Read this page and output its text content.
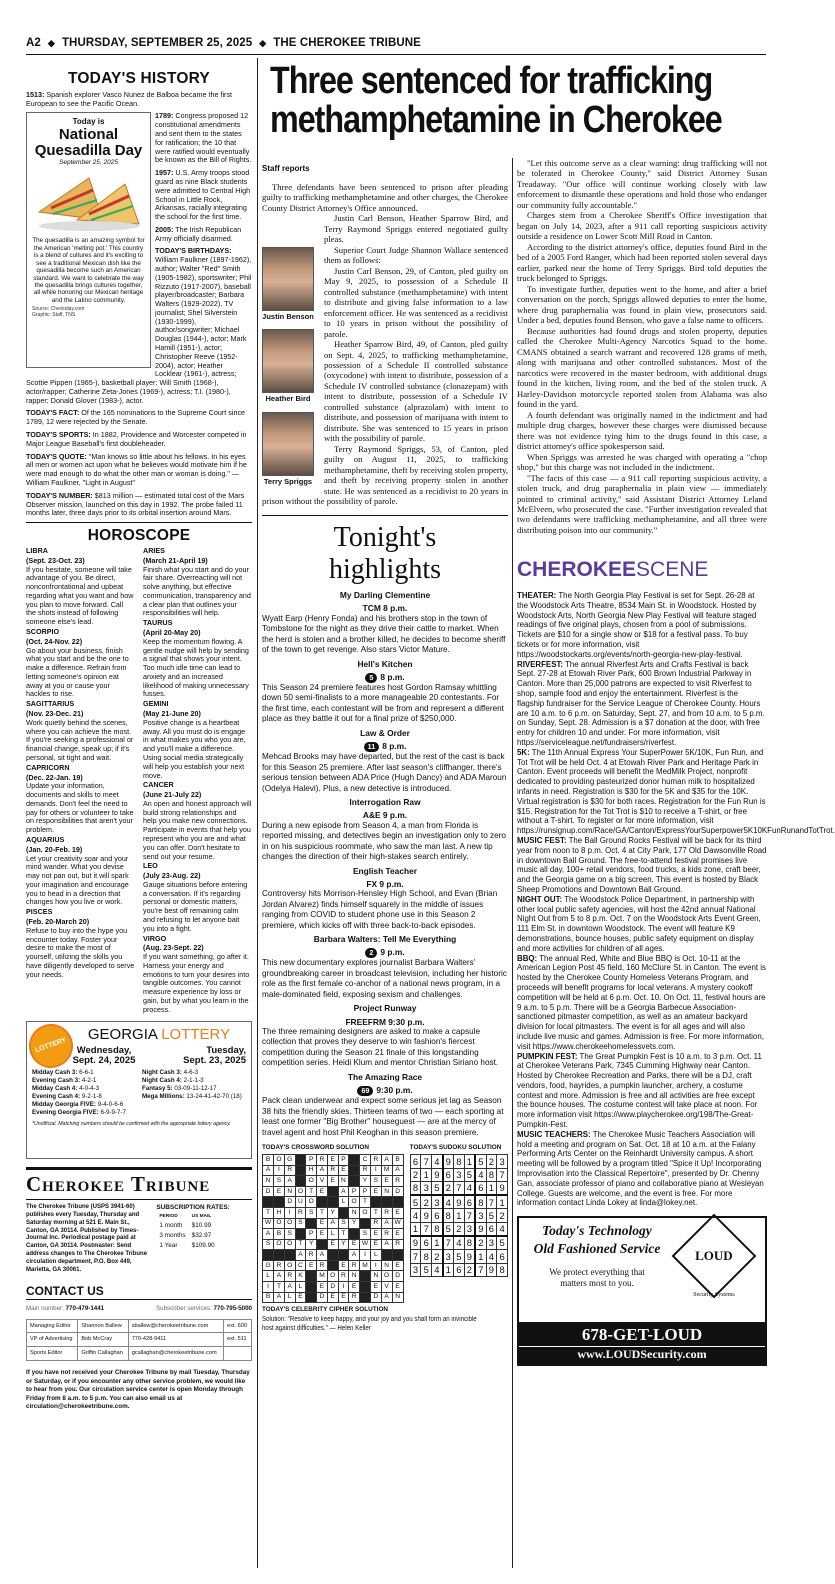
A2 ◆ THURSDAY, SEPTEMBER 25, 2025 ◆ THE CHEROKEE TRIBUNE
TODAY'S HISTORY

1513: Spanish explorer Vasco Nunez de Balboa became the first European to see the Pacific Ocean.

Today is
National Quesadilla Day
September 25, 2025
The quesadilla is an amazing symbol for the American 'melting pot.' This country is a blend of cultures and it's exciting to see a traditional Mexican dish like the quesadilla become such an American standard. We want to celebrate the way the quesadilla brings cultures together, all while honoring our Mexican heritage and the Latino community.
Source: Checkiday.com
Graphic: Staff, TNS

1789: Congress proposed 12 constitutional amendments and sent them to the states for ratification; the 10 that were ratified would eventually be known as the Bill of Rights.

1957: U.S. Army troops stood guard as nine Black students were admitted to Central High School in Little Rock, Arkansas, racially integrating the school for the first time.

2005: The Irish Republican Army officially disarmed.

TODAY'S BIRTHDAYS: William Faulkner (1897-1962), author; Walter "Red" Smith (1905-1982), sportswriter; Phil Rizzuto (1917-2007), baseball player/broadcaster; Barbara Walters (1929-2022), TV journalist; Shel Silverstein (1930-1999), author/songwriter; Michael Douglas (1944-), actor; Mark Hamill (1951-), actor; Christopher Reeve (1952-2004), actor; Heather Locklear (1961-), actress; Scottie Pippen (1965-), basketball player; Will Smith (1968-), actor/rapper; Catherine Zeta-Jones (1969-), actress; T.I. (1980-), rapper; Donald Glover (1983-), actor.

TODAY'S FACT: Of the 165 nominations to the Supreme Court since 1789, 12 were rejected by the Senate.

TODAY'S SPORTS: In 1882, Providence and Worcester competed in Major League Baseball's first doubleheader.

TODAY'S QUOTE: "Man knows so little about his fellows. In his eyes all men or women act upon what he believes would motivate him if he were mad enough to do what the other man or woman is doing." — William Faulkner, "Light in August"

TODAY'S NUMBER: $813 million — estimated total cost of the Mars Observer mission, launched on this day in 1992. The probe failed 11 months later, three days prior to its orbital insertion around Mars.

HOROSCOPE
LIBRA
(Sept. 23-Oct. 23)
If you hesitate, someone will take advantage of you. Be direct, nonconfrontational and upbeat regarding what you want and how you plan to move forward. Call the shots instead of following someone else's lead.
SCORPIO
(Oct. 24-Nov. 22)
Go about your business, finish what you start and be the one to make a difference. Refrain from letting someone's opinion eat away at you or cause your hackles to rise.
SAGITTARIUS
(Nov. 23-Dec. 21)
Work quietly behind the scenes, where you can achieve the most. If you're seeking a professional or financial change, speak up; if it's personal, sit tight and wait.
CAPRICORN
(Dec. 22-Jan. 19)
Update your information, documents and skills to meet demands. Don't feel the need to pay for others or volunteer to take on responsibilities that aren't your problem.
AQUARIUS
(Jan. 20-Feb. 19)
Let your creativity soar and your mind wander. What you devise may not pan out, but it will spark your imagination and encourage you to head in a direction that changes how you live or work.
PISCES
(Feb. 20-March 20)
Refuse to buy into the hype you encounter today. Foster your desire to make the most of yourself, utilizing the skills you have diligently developed to serve your needs.
ARIES
(March 21-April 19)
Finish what you start and do your fair share. Overreacting will not solve anything, but effective communication, transparency and a clear plan that outlines your responsibilities will help.
TAURUS
(April 20-May 20)
Keep the momentum flowing. A gentle nudge will help by sending a signal that shows your intent. Too much idle time can lead to anxiety and an increased likelihood of making unnecessary fusses.
GEMINI
(May 21-June 20)
Positive change is a heartbeat away. All you must do is engage in what makes you who you are, and you'll make a difference. Using social media strategically will help you establish your next move.
CANCER
(June 21-July 22)
An open and honest approach will build strong relationships and help you make new connections. Participate in events that help you represent who you are and what you can offer. Don't hesitate to send out your resume.
LEO
(July 23-Aug. 22)
Gauge situations before entering a conversation. If it's regarding personal or domestic matters, you're best off remaining calm and refusing to let anyone bait you into a fight.
VIRGO
(Aug. 23-Sept. 22)
If you want something, go after it. Harness your energy and emotions to turn your desires into tangible outcomes. You cannot measure experience by loss or gain, but by what you learn in the process.
LOTTERY
GEORGIA LOTTERY
Wednesday,
Sept. 24, 2025
Midday Cash 3: 6-6-1
Evening Cash 3: 4-2-1
Midday Cash 4: 4-0-4-3
Evening Cash 4: 9-2-1-8
Midday Georgia FIVE: 9-4-0-6-6
Evening Georgia FIVE: 6-9-9-7-7
Tuesday,
Sept. 23, 2025
Night Cash 3: 4-6-3
Night Cash 4: 2-1-1-3
Fantasy 5: 03-09-11-12-17
Mega Millions: 13-24-41-42-70 (18)
*Unofficial. Matching numbers should be confirmed with the appropriate lottery agency.
Cherokee Tribune
The Cherokee Tribune (USPS 3941-60) publishes every Tuesday, Thursday and Saturday morning at 521 E. Main St., Canton, GA 30114. Published by Times-Journal Inc. Periodical postage paid at Canton, GA 30114. Postmaster: Send address changes to The Cherokee Tribune circulation department, P.O. Box 449, Marietta, GA 30061.
SUBSCRIPTION RATES:
PERIOD	US MAIL
1 month	$10.99
3 months	$32.97
1 Year	$109.90
CONTACT US
Main number: 770-479-1441	Subscriber services: 770-795-5000
Managing Editor	Shannon Ballew	sballew@cherokeetribune.com	ext. 600
VP of Advertising	Bob McCray	770-428-9411	ext. 511
Sports Editor	Griffin Callaghan	gcallaghan@cherokeetribune.com	
If you have not received your Cherokee Tribune by mail Tuesday, Thursday or Saturday, or if you encounter any other service problem, we would like to hear from you. Our circulation service center is open Monday through Friday from 8 a.m. to 5 p.m. You can also email us at circulation@cherokeetribune.com.
Three sentenced for trafficking methamphetamine in Cherokee
Staff reports

Three defendants have been sentenced to prison after pleading guilty to trafficking methamphetamine and other charges, the Cherokee County District Attorney's Office announced.

Justin Benson
Heather Bird
Terry Spriggs

Justin Carl Benson, Heather Sparrow Bird, and Terry Raymond Spriggs entered negotiated guilty pleas.

Superior Court Judge Shannon Wallace sentenced them as follows:

Justin Carl Benson, 29, of Canton, pled guilty on May 9, 2025, to possession of a Schedule II controlled substance (methamphetamine) with intent to distribute and giving false information to a law enforcement officer. He was sentenced as a recidivist to 10 years in prison without the possibility of parole.

Heather Sparrow Bird, 49, of Canton, pled guilty on Sept. 4, 2025, to trafficking methamphetamine, possession of a Schedule II controlled substance (oxycodone) with intent to distribute, possession of a Schedule IV controlled substance (clonazepam) with intent to distribute, possession of a Schedule IV controlled substance (alprazolam) with intent to distribute, and possession of marijuana with intent to distribute. She was sentenced to 15 years in prison with the possibility of parole.

Terry Raymond Spriggs, 53, of Canton, pled guilty on August 11, 2025, to trafficking methamphetamine, theft by receiving stolen property, and theft by receiving property stolen in another state. He was sentenced as a recidivist to 20 years in prison without the possibility of parole.

Tonight's highlights
My Darling Clementine
TCM 8 p.m.

Wyatt Earp (Henry Fonda) and his brothers stop in the town of Tombstone for the night as they drive their cattle to market. When the herd is stolen and a brother killed, he decides to become sheriff of the town to get revenge. Also stars Victor Mature.

Hell's Kitchen
5 8 p.m.

This Season 24 premiere features host Gordon Ramsay whittling down 50 semi-finalists to a more manageable 20 contestants. For the first time, each contestant will be from and represent a different place as they battle it out for a final prize of $250,000.

Law & Order
11 8 p.m.

Mehcad Brooks may have departed, but the rest of the cast is back for this Season 25 premiere. After last season's cliffhanger, there's serious tension between ADA Price (Hugh Dancy) and ADA Maroun (Odelya Halevi). Plus, a new detective is introduced.

Interrogation Raw
A&E 9 p.m.

During a new episode from Season 4, a man from Florida is reported missing, and detectives begin an investigation only to zero in on his suspicious roommate, who saw the man last. A new tip changes the direction of their high-stakes search entirely.

English Teacher
FX 9 p.m.

Controversy hits Morrison-Hensley High School, and Evan (Brian Jordan Alvarez) finds himself squarely in the middle of issues ranging from COVID to student phone use in this Season 2 premiere, which kicks off with three back-to-back episodes.

Barbara Walters: Tell Me Everything
2 9 p.m.

This new documentary explores journalist Barbara Walters' groundbreaking career in broadcast television, including her historic role as the first female co-anchor of a national news program, in a male-dominated field, exposing sexism and challenges.

Project Runway
FREEFRM 9:30 p.m.

The three remaining designers are asked to make a capsule collection that proves they deserve to win fashion's fiercest competition during the Season 21 finale of this longstanding competition series. Heidi Klum and mentor Christian Siriano host.

The Amazing Race
69 9:30 p.m.

Pack clean underwear and expect some serious jet lag as Season 38 hits the friendly skies. Thirteen teams of two — each sporting at least one former "Big Brother" houseguest — are at the mercy of travel agent and host Phil Keoghan in this season premiere.

TODAY'S CROSSWORD SOLUTION
B	O	G		P	R	E	P		C	R	A	B
A	I	R		H	A	R	E		R	I	M	A
N	S	A		O	V	E	N		Y	S	E	R
D	E	N	O	T	E		A	P	P	E	N	D
		D	U	O			L	O	T			
T	H	I	R	S	T	Y		N	O	T	R	E
W	O	O	S		E	A	S	Y		R	A	W
A	B	S		P	E	L	T		S	E	R	E
S	O	O	T	Y		E	Y	E	W	E	A	R
			A	R	A			A	I	L		
G	R	O	C	E	R		E	R	M	I	N	E
L	A	R	K		M	O	R	N		N	O	D
I	T	A	L		E	D	I	E		E	V	E
B	A	L	E		D	E	E	R		D	A	N
TODAY'S SUDOKU SOLUTION
6	7	4	9	8	1	5	2	3
2	1	9	6	3	5	4	8	7
8	3	5	2	7	4	6	1	9
5	2	3	4	9	6	8	7	1
4	9	6	8	1	7	3	5	2
1	7	8	5	2	3	9	6	4
9	6	1	7	4	8	2	3	5
7	8	2	3	5	9	1	4	6
3	5	4	1	6	2	7	9	8
TODAY'S CELEBRITY CIPHER SOLUTION
Solution: "Resolve to keep happy, and your joy and you shall form an invincible host against difficulties." — Helen Keller

"Let this outcome serve as a clear warning: drug trafficking will not be tolerated in Cherokee County," said District Attorney Susan Treadaway. "Our office will continue working closely with law enforcement to dismantle these operations and hold those who endanger our community fully accountable."

Charges stem from a Cherokee Sheriff's Office investigation that began on July 14, 2023, after a 911 call reporting suspicious activity outside a residence on Lower Scott Mill Road in Canton.

According to the district attorney's office, deputies found Bird in the bed of a 2005 Ford Ranger, which had been reported stolen several days earlier, parked near the home of Terry Spriggs. Bird told deputies the truck belonged to Spriggs.

To investigate further, deputies went to the home, and after a brief conversation on the porch, Spriggs allowed deputies to enter the home, where drug paraphernalia was found in plain view, prosecutors said. Under a bed, deputies found Benson, who gave a false name to officers.

Because authorities had found drugs and stolen property, deputies called the Cherokee Multi-Agency Narcotics Squad to the home. CMANS obtained a search warrant and recovered 128 grams of meth, along with marijuana and other controlled substances. Most of the narcotics were recovered in the master bedroom, with additional drugs found in the kitchen, living room, and the bed of the stolen truck. A Harley-Davidson motorcycle reported stolen from Alabama was also found in the yard.

A fourth defendant was originally named in the indictment and had multiple drug charges, however these charges were dismissed because there was not evidence tying him to the drugs found in this case, a district attorney's office spokesperson said.

When Spriggs was arrested he was charged with operating a "chop shop," but this charge was not included in the indictment.

"The facts of this case — a 911 call reporting suspicious activity, a stolen truck, and drug paraphernalia in plain view — immediately pointed to criminal activity," said Assistant District Attorney Leland McElveen, who prosecuted the case. "Further investigation revealed that two defendants were trafficking methamphetamine, and all three were distributing poison into our community."

CHEROKEESCENE

THEATER: The North Georgia Play Festival is set for Sept. 26-28 at the Woodstock Arts Theatre, 8534 Main St. in Woodstock. Hosted by Woodstock Arts, North Georgia New Play Festival will feature staged readings of five original plays, chosen from a pool of submissions. Tickets are $10 for a single show or $18 for a festival pass. To buy tickets or for more information, visit https://woodstockarts.org/events/north-georgia-new-play-festival.

RIVERFEST: The annual Riverfest Arts and Crafts Festival is back Sept. 27-28 at Etowah River Park, 600 Brown Industrial Parkway in Canton. More than 25,000 patrons are expected to visit Riverfest to shop, sample food and enjoy the entertainment. Riverfest is the flagship fundraiser for the Service League of Cherokee County. Hours are 10 a.m. to 6 p.m. on Saturday, Sept. 27, and from 10 a.m. to 5 p.m. on Sunday, Sept. 28. Admission is a $7 donation at the door, with free entry for children 10 and under. For more information, visit https://serviceleague.net/fundraisers/riverfest.

5K: The 11th Annual Express Your SuperPower 5K/10K, Fun Run, and Tot Trot will be held Oct. 4 at Etowah River Park and Heritage Park in Canton. Event proceeds will benefit the MedMilk Project, nonprofit dedicated to providing pasteurized donor human milk to hospitalized infants in need. Registration is $30 for the 5K and $35 for the 10K. Virtual registration is $30 for both races. Registration for the Fun Run is $15. Registration for the Tot Trot is $10 to receive a T-shirt, or free without a T-shirt. To register or for more information, visit https://runsignup.com/Race/GA/Canton/ExpressYourSuperpower5K10KFunRunandTotTrot.

MUSIC FEST: The Ball Ground Rocks Festival will be back for its third year from noon to 8 p.m. Oct. 4 at City Park, 177 Old Dawsonville Road in downtown Ball Ground. The free-to-attend festival promises live music all day, 100+ retail vendors, food trucks, a kids zone, craft beer, and the Georgia game on a big screen. This event is hosted by Black Sheep Promotions and Downtown Ball Ground.

NIGHT OUT: The Woodstock Police Department, in partnership with other local public safety agencies, will host the 42nd annual National Night Out from 5 to 8 p.m. Oct. 7 on the Woodstock Arts Event Green, 111 Elm St. in downtown Woodstock. The event will feature K9 demonstrations, bounce houses, public safety equipment on display and more activities for children of all ages.

BBQ: The annual Red, White and Blue BBQ is Oct. 10-11 at the American Legion Post 45 field, 160 McClure St. in Canton. The event is hosted by the Cherokee County Homeless Veterans Program, and proceeds will benefit programs for local veterans. A mystery cookoff competition will be held at 6 p.m. Oct. 10. On Oct. 11, festival hours are 9 a.m. to 5 p.m. There will be a Georgia Barbecue Association-sanctioned pitmaster competition, as well as an amateur backyard division for local pitmasters. The event is for all ages and will also include live music and games. Admission is free. For more information, visit https://www.cherokeehomelessvets.com.

PUMPKIN FEST: The Great Pumpkin Fest is 10 a.m. to 3 p.m. Oct. 11 at Cherokee Veterans Park, 7345 Cumming Highway near Canton. Hosted by Cherokee Recreation and Parks, there will be a DJ, craft vendors, food, hayrides, a pumpkin launcher, archery, a costume contest and more. Admission is free and all activities are free except the bounce houses. The costume contest will take place at noon. For more information visit https://www.playcherokee.org/198/The-Great-Pumpkin-Fest.

MUSIC TEACHERS: The Cherokee Music Teachers Association will hold a meeting and program on Sat. Oct. 18 at 10 a.m. at the Falany Performing Arts Center on the Reinhardt University campus. A short meeting will be followed by a program titled "Spice it Up! Incorporating Improvisation into the Classical Repertoire", presented by Dr. Chenny Gan, associate professor of piano and collaborative piano at Wesleyan College. Guests are welcome, and the event is free. For more information contact Linda Lokey at linda@lokey.net.

Today's Technology
Old Fashioned Service
We protect everything that matters most to you.
LOUD
Security Systems
678-GET-LOUD
www.LOUDSecurity.com
